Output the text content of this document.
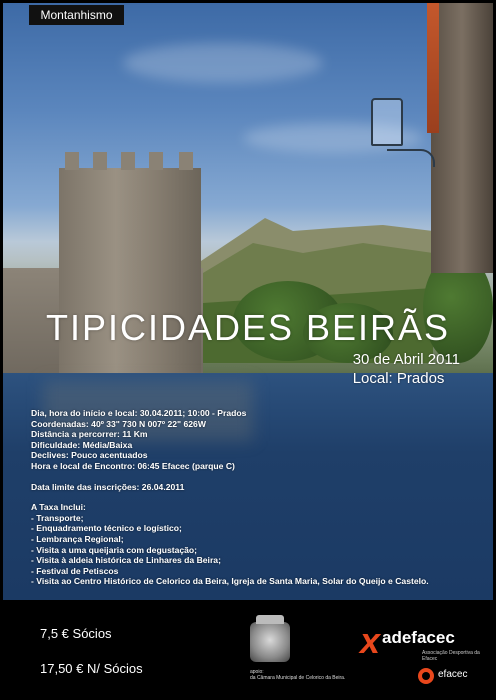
Montanhismo
TIPICIDADES BEIRÃS
30 de Abril 2011
Local: Prados
Dia, hora do início e local: 30.04.2011; 10:00 - Prados
Coordenadas: 40º 33" 730 N 007º 22" 626W
Distância a percorrer: 11 Km
Dificuldade: Média/Baixa
Declives: Pouco acentuados
Hora e local de Encontro: 06:45 Efacec (parque C)
Data limite das inscrições: 26.04.2011
A Taxa Inclui:
- Transporte;
- Enquadramento técnico e logístico;
- Lembrança Regional;
- Visita a uma queijaria com degustação;
- Visita à aldeia histórica de Linhares da Beira;
- Festival de Petiscos
- Visita ao Centro Histórico de Celorico da Beira, Igreja de Santa Maria, Solar do Queijo e Castelo.
7,5 € Sócios
17,50 € N/ Sócios	apoio:
da Câmara Municipal de Celorico da Beira.
x adefacec
Associação Desportiva da Efacec
efacec
